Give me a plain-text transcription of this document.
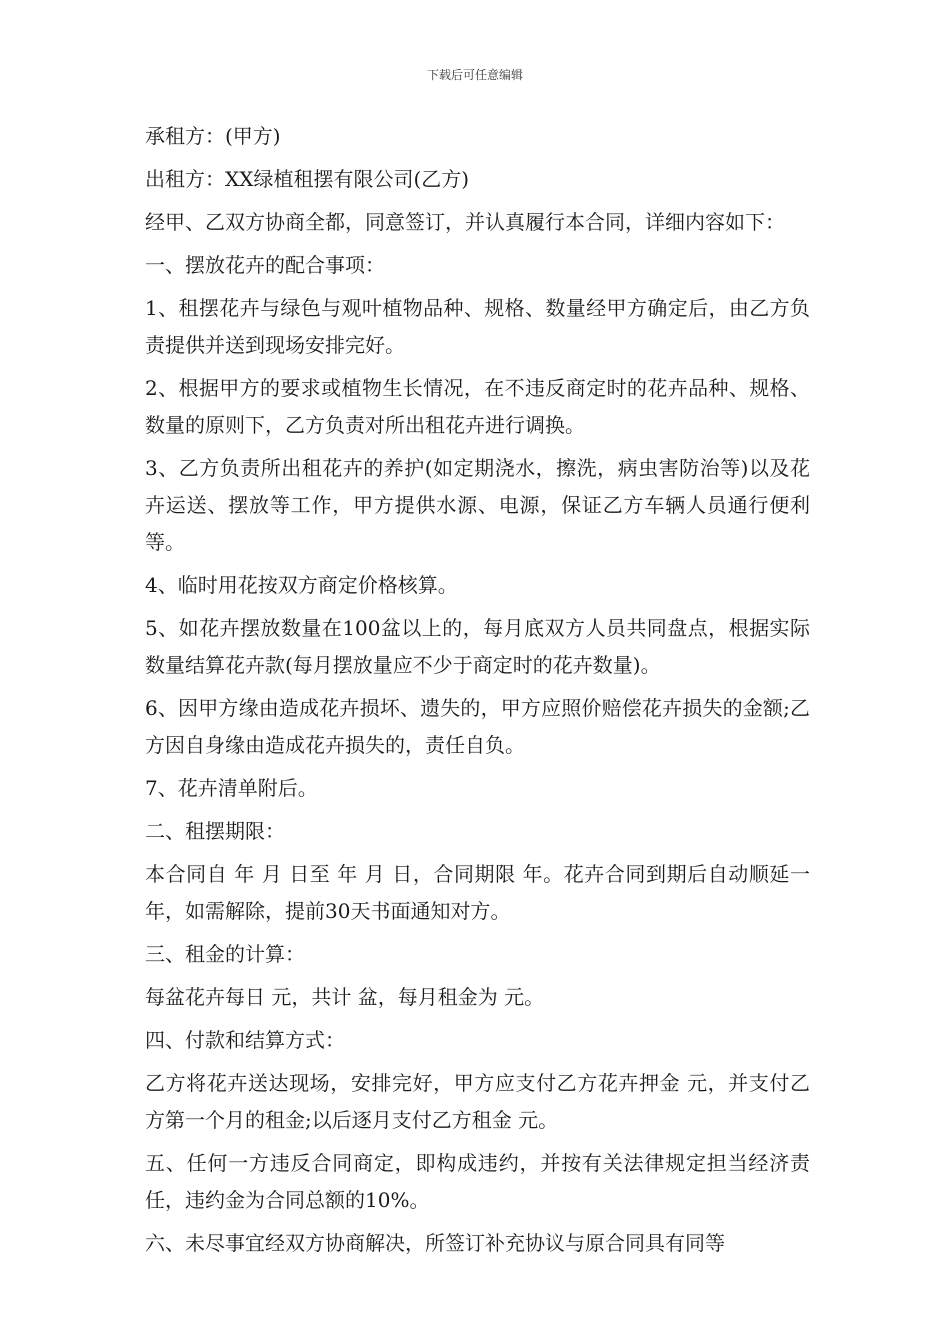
下载后可任意编辑

承租方：(甲方)

出租方：XX绿植租摆有限公司(乙方)

经甲、乙双方协商全都，同意签订，并认真履行本合同，详细内容如下：

一、摆放花卉的配合事项：

1、租摆花卉与绿色与观叶植物品种、规格、数量经甲方确定后，由乙方负责提供并送到现场安排完好。

2、根据甲方的要求或植物生长情况，在不违反商定时的花卉品种、规格、数量的原则下，乙方负责对所出租花卉进行调换。

3、乙方负责所出租花卉的养护(如定期浇水，擦洗，病虫害防治等)以及花卉运送、摆放等工作，甲方提供水源、电源，保证乙方车辆人员通行便利等。

4、临时用花按双方商定价格核算。

5、如花卉摆放数量在100盆以上的，每月底双方人员共同盘点，根据实际数量结算花卉款(每月摆放量应不少于商定时的花卉数量)。

6、因甲方缘由造成花卉损坏、遗失的，甲方应照价赔偿花卉损失的金额;乙方因自身缘由造成花卉损失的，责任自负。

7、花卉清单附后。

二、租摆期限：

本合同自 年 月 日至 年 月 日，合同期限 年。花卉合同到期后自动顺延一年，如需解除，提前30天书面通知对方。

三、租金的计算：

每盆花卉每日 元，共计 盆，每月租金为 元。

四、付款和结算方式：

乙方将花卉送达现场，安排完好，甲方应支付乙方花卉押金 元，并支付乙方第一个月的租金;以后逐月支付乙方租金 元。

五、任何一方违反合同商定，即构成违约，并按有关法律规定担当经济责任，违约金为合同总额的10%。

六、未尽事宜经双方协商解决，所签订补充协议与原合同具有同等
